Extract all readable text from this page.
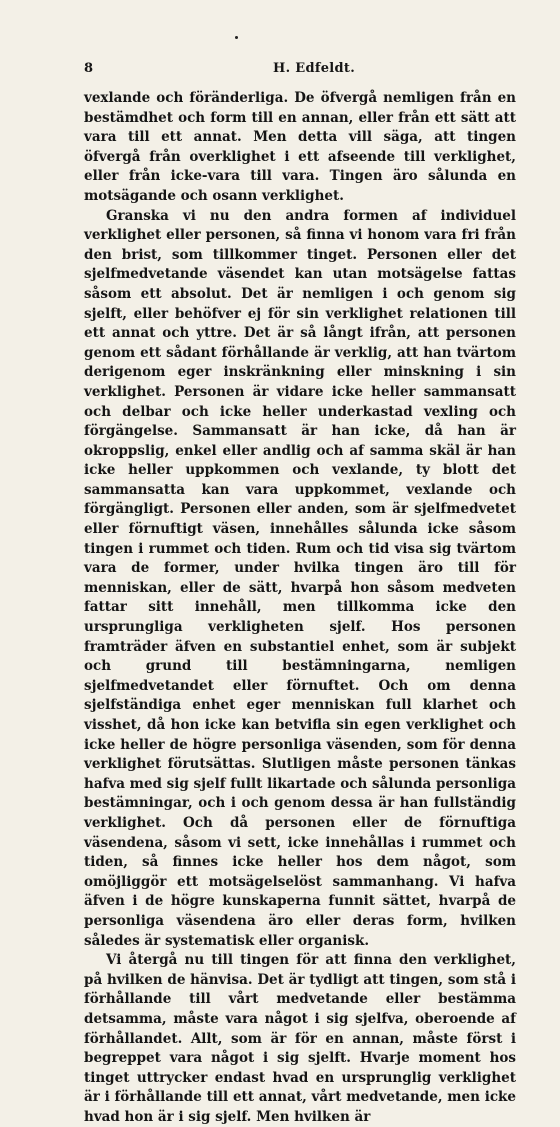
8	H. Edfeldt.

vexlande och föränderliga. De öfvergå nemligen från en bestämdhet och form till en annan, eller från ett sätt att vara till ett annat. Men detta vill säga, att tingen öfvergå från overklighet i ett afseende till verklighet, eller från icke-vara till vara. Tingen äro sålunda en motsägande och osann verklighet.

Granska vi nu den andra formen af individuel verklighet eller personen, så finna vi honom vara fri från den brist, som tillkommer tinget. Personen eller det sjelfmedvetande väsendet kan utan motsägelse fattas såsom ett absolut. Det är nemligen i och genom sig sjelft, eller behöfver ej för sin verklighet relationen till ett annat och yttre. Det är så långt ifrån, att personen genom ett sådant förhållande är verklig, att han tvärtom derigenom eger inskränkning eller minskning i sin verklighet. Personen är vidare icke heller sammansatt och delbar och icke heller underkastad vexling och förgängelse. Sammansatt är han icke, då han är okroppslig, enkel eller andlig och af samma skäl är han icke heller uppkommen och vexlande, ty blott det sammansatta kan vara uppkommet, vexlande och förgängligt. Personen eller anden, som är sjelfmedvetet eller förnuftigt väsen, innehålles sålunda icke såsom tingen i rummet och tiden. Rum och tid visa sig tvärtom vara de former, under hvilka tingen äro till för menniskan, eller de sätt, hvarpå hon såsom medveten fattar sitt innehåll, men tillkomma icke den ursprungliga verkligheten sjelf. Hos personen framträder äfven en substantiel enhet, som är subjekt och grund till bestämningarna, nemligen sjelfmedvetandet eller förnuftet. Och om denna sjelfständiga enhet eger menniskan full klarhet och visshet, då hon icke kan betvifla sin egen verklighet och icke heller de högre personliga väsenden, som för denna verklighet förutsättas. Slutligen måste personen tänkas hafva med sig sjelf fullt likartade och sålunda personliga bestämningar, och i och genom dessa är han fullständig verklighet. Och då personen eller de förnuftiga väsendena, såsom vi sett, icke innehållas i rummet och tiden, så finnes icke heller hos dem något, som omöjliggör ett motsägelselöst sammanhang. Vi hafva äfven i de högre kunskaperna funnit sättet, hvarpå de personliga väsendena äro eller deras form, hvilken således är systematisk eller organisk.

Vi återgå nu till tingen för att finna den verklighet, på hvilken de hänvisa. Det är tydligt att tingen, som stå i förhållande till vårt medvetande eller bestämma detsamma, måste vara något i sig sjelfva, oberoende af förhållandet. Allt, som är för en annan, måste först i begreppet vara något i sig sjelft. Hvarje moment hos tinget uttrycker endast hvad en ursprunglig verklighet är i förhållande till ett annat, vårt medvetande, men icke hvad hon är i sig sjelf. Men hvilken är
